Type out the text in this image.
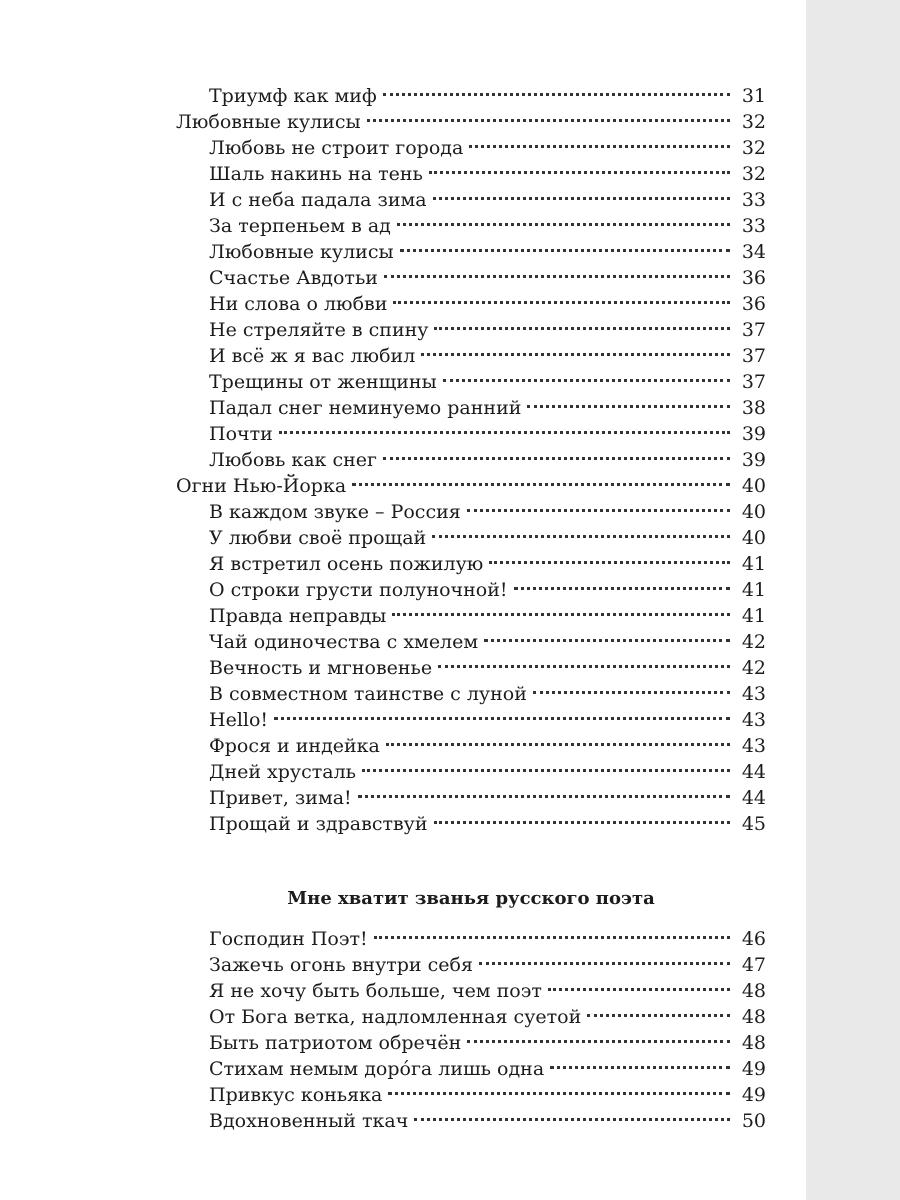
Триумф как миф	31
Любовные кулисы	32
Любовь не строит города	32
Шаль накинь на тень	32
И с неба падала зима	33
За терпеньем в ад	33
Любовные кулисы	34
Счастье Авдотьи	36
Ни слова о любви	36
Не стреляйте в спину	37
И всё ж я вас любил	37
Трещины от женщины	37
Падал снег неминуемо ранний	38
Почти	39
Любовь как снег	39
Огни Нью-Йорка	40
В каждом звуке – Россия	40
У любви своё прощай	40
Я встретил осень пожилую	41
О строки грусти полуночной!	41
Правда неправды	41
Чай одиночества с хмелем	42
Вечность и мгновенье	42
В совместном таинстве с луной	43
Hello!	43
Фрося и индейка	43
Дней хрусталь	44
Привет, зима!	44
Прощай и здравствуй	45
Мне хватит званья русского поэта
Господин Поэт!	46
Зажечь огонь внутри себя	47
Я не хочу быть больше, чем поэт	48
От Бога ветка, надломленная суетой	48
Быть патриотом обречён	48
Стихам немым доро́га лишь одна	49
Привкус коньяка	49
Вдохновенный ткач	50
